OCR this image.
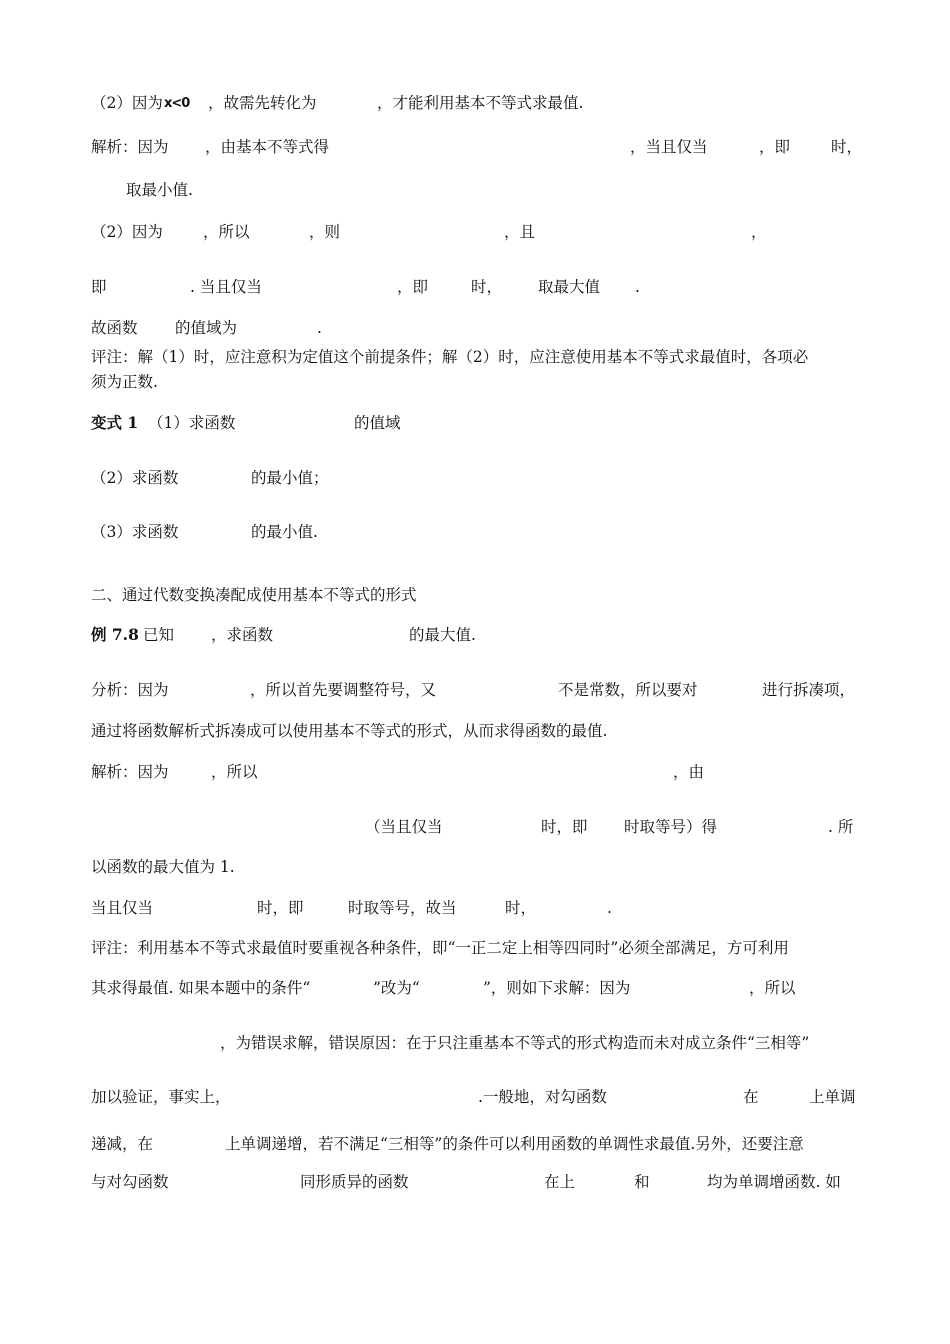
（2）因为 x<0 ，故需先转化为	，才能利用基本不等式求最值.
解析：因为 ，由基本不等式得	，当且仅当	，即	时，
取最小值.
（2）因为	，所以	，则	，且	，
即	. 当且仅当	，即	时， 取最大值 .
故函数 的值域为	.
评注：解（1）时，应注意积为定值这个前提条件；解（2）时，应注意使用基本不等式求最值时，各项必
须为正数.
变式 1 （1）求函数	的值域
（2）求函数	的最小值；
（3）求函数	的最小值.
二、通过代数变换凑配成使用基本不等式的形式
例 7.8 已知 ，求函数	的最大值.
分析：因为	，所以首先要调整符号，又	不是常数，所以要对	进行拆凑项，
通过将函数解析式拆凑成可以使用基本不等式的形式，从而求得函数的最值.
解析：因为	，所以	，由
（当且仅当	时，即 时取等号）得	. 所
以函数的最大值为 1.
当且仅当	时，即	时取等号，故当	时，	.
评注：利用基本不等式求最值时要重视各种条件，即“一正二定上相等四同时”必须全部满足，方可利用
其求得最值. 如果本题中的条件“	”改为“	”，则如下求解：因为	，所以
，为错误求解，错误原因：在于只注重基本不等式的形式构造而未对成立条件“三相等”
加以验证，事实上，	.一般地，对勾函数	在	上单调
递减，在	上单调递增，若不满足“三相等”的条件可以利用函数的单调性求最值.另外，还要注意
与对勾函数	同形质异的函数	在上	和	均为单调增函数. 如
